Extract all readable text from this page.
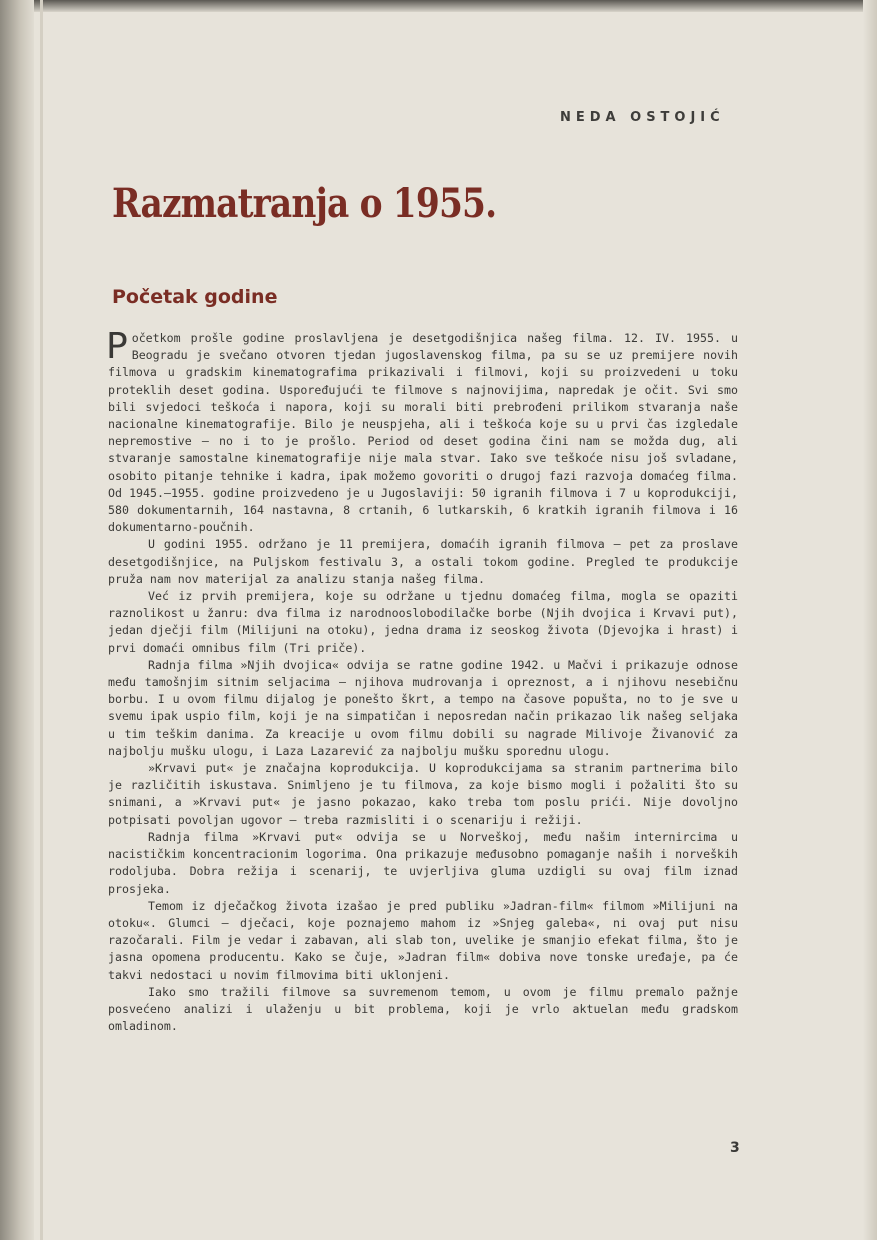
NEDA OSTOJIĆ
Razmatranja o 1955.
Početak godine

Početkom prošle godine proslavljena je desetgodišnjica našeg filma. 12. IV. 1955. u Beogradu je svečano otvoren tjedan jugoslavenskog filma, pa su se uz premijere novih filmova u gradskim kinematografima prikazivali i filmovi, koji su proizvedeni u toku proteklih deset godina. Uspoređujući te filmove s najnovijima, napredak je očit. Svi smo bili svjedoci teškoća i napora, koji su morali biti prebrođeni prilikom stvaranja naše nacionalne kinematografije. Bilo je neuspjeha, ali i teškoća koje su u prvi čas izgledale nepremostive — no i to je prošlo. Period od deset godina čini nam se možda dug, ali stvaranje samostalne kinematografije nije mala stvar. Iako sve teškoće nisu još svladane, osobito pitanje tehnike i kadra, ipak možemo govoriti o drugoj fazi razvoja domaćeg filma. Od 1945.—1955. godine proizvedeno je u Jugoslaviji: 50 igranih filmova i 7 u koprodukciji, 580 dokumentarnih, 164 nastavna, 8 crtanih, 6 lutkarskih, 6 kratkih igranih filmova i 16 dokumentarno-poučnih.

U godini 1955. održano je 11 premijera, domaćih igranih filmova — pet za proslave desetgodišnjice, na Puljskom festivalu 3, a ostali tokom godine. Pregled te produkcije pruža nam nov materijal za analizu stanja našeg filma.

Već iz prvih premijera, koje su održane u tjednu domaćeg filma, mogla se opaziti raznolikost u žanru: dva filma iz narodnooslobodilačke borbe (Njih dvojica i Krvavi put), jedan dječji film (Milijuni na otoku), jedna drama iz seoskog života (Djevojka i hrast) i prvi domaći omnibus film (Tri priče).

Radnja filma »Njih dvojica« odvija se ratne godine 1942. u Mačvi i prikazuje odnose među tamošnjim sitnim seljacima — njihova mudrovanja i opreznost, a i njihovu nesebičnu borbu. I u ovom filmu dijalog je ponešto škrt, a tempo na časove popušta, no to je sve u svemu ipak uspio film, koji je na simpatičan i neposredan način prikazao lik našeg seljaka u tim teškim danima. Za kreacije u ovom filmu dobili su nagrade Milivoje Živanović za najbolju mušku ulogu, i Laza Lazarević za najbolju mušku sporednu ulogu.

»Krvavi put« je značajna koprodukcija. U koprodukcijama sa stranim partnerima bilo je različitih iskustava. Snimljeno je tu filmova, za koje bismo mogli i požaliti što su snimani, a »Krvavi put« je jasno pokazao, kako treba tom poslu prići. Nije dovoljno potpisati povoljan ugovor — treba razmisliti i o scenariju i režiji.

Radnja filma »Krvavi put« odvija se u Norveškoj, među našim internircima u nacističkim koncentracionim logorima. Ona prikazuje međusobno pomaganje naših i norveških rodoljuba. Dobra režija i scenarij, te uvjerljiva gluma uzdigli su ovaj film iznad prosjeka.

Temom iz dječačkog života izašao je pred publiku »Jadran-film« filmom »Milijuni na otoku«. Glumci — dječaci, koje poznajemo mahom iz »Snjeg galeba«, ni ovaj put nisu razočarali. Film je vedar i zabavan, ali slab ton, uvelike je smanjio efekat filma, što je jasna opomena producentu. Kako se čuje, »Jadran film« dobiva nove tonske uređaje, pa će takvi nedostaci u novim filmovima biti uklonjeni.

Iako smo tražili filmove sa suvremenom temom, u ovom je filmu premalo pažnje posvećeno analizi i ulaženju u bit problema, koji je vrlo aktuelan među gradskom omladinom.

3
